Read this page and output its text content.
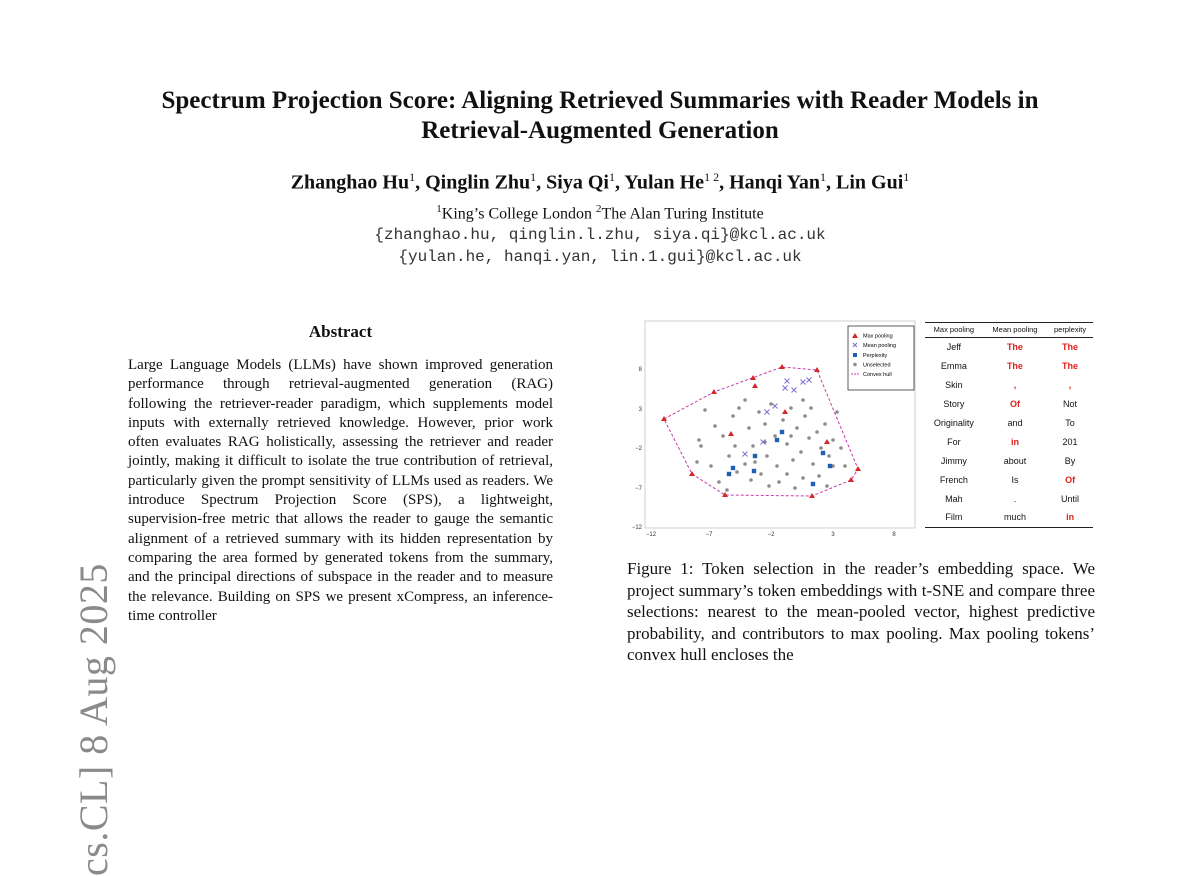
cs.CL] 8 Aug 2025
Spectrum Projection Score: Aligning Retrieved Summaries with Reader Models in
Retrieval-Augmented Generation
Zhanghao Hu$^1$, Qinglin Zhu$^1$, Siya Qi$^1$, Yulan $He^{1 2}$, Hanqi Yan$^1$, Lin Gui$^1$
$^1$King’s College London $^2$The Alan Turing Institute
{zhanghao.hu, qinglin.l.zhu, siya.qi}@kcl.ac.uk
{yulan.he, hanqi.yan, lin.1.gui}@kcl.ac.uk
Abstract
Large Language Models (LLMs) have shown improved generation performance through retrieval-augmented generation (RAG) following the retriever-reader paradigm, which supplements model inputs with externally retrieved knowledge. However, prior work often evaluates RAG holistically, assessing the retriever and reader jointly, making it difficult to isolate the true contribution of retrieval, particularly given the prompt sensitivity of LLMs used as readers. We introduce Spectrum Projection Score (SPS), a lightweight, supervision-free metric that allows the reader to gauge the semantic alignment of a retrieved summary with its hidden representation by comparing the area formed by generated tokens from the summary, and the principal directions of subspace in the reader and to measure the relevance. Building on SPS we present xCompress, an inference-time controller
8
3
−2
−7
−12
−12	−7	−2	3	8
Max pooling
Mean pooling
Perplexity
Unselected
Convex hull
Max pooling	Mean pooling	perplexity
Jeff	The	The
Emma	The	The
Skin	,	,
Story	Of	Not
Originality	and	To
For	in	201
Jimmy	about	By
French	Is	Of
Mah	.	Until
Film	much	in
Figure 1: Token selection in the reader’s embedding space. We project summary’s token embeddings with t-SNE and compare three selections: nearest to the mean-pooled vector, highest predictive probability, and contributors to max pooling. Max pooling tokens’ convex hull encloses the
